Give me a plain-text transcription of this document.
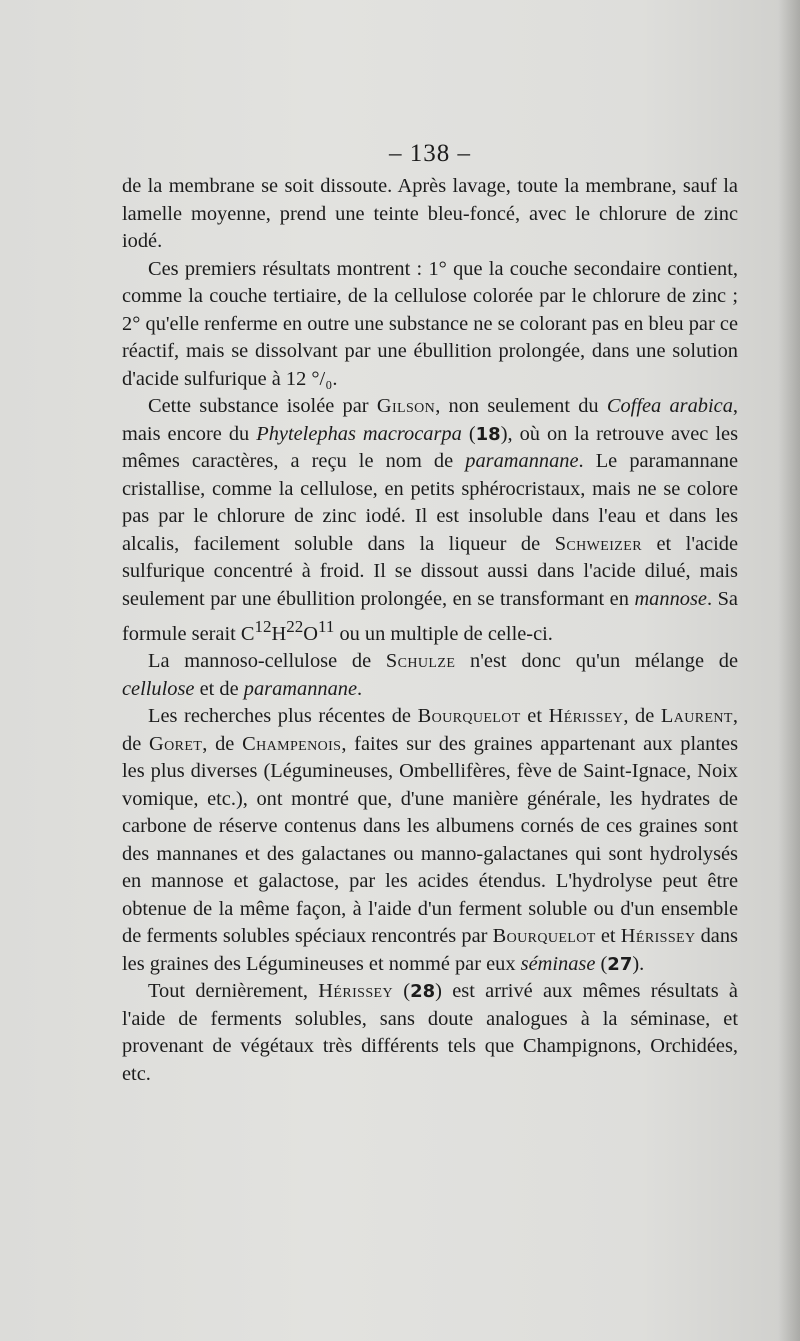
– 138 –

de la membrane se soit dissoute. Après lavage, toute la membrane, sauf la lamelle moyenne, prend une teinte bleu-foncé, avec le chlorure de zinc iodé.

Ces premiers résultats montrent : 1° que la couche secondaire contient, comme la couche tertiaire, de la cellulose colorée par le chlorure de zinc ; 2° qu'elle renferme en outre une substance ne se colorant pas en bleu par ce réactif, mais se dissolvant par une ébullition prolongée, dans une solution d'acide sulfurique à 12 °/₀.

Cette substance isolée par Gilson, non seulement du Coffea arabica, mais encore du Phytelephas macrocarpa (18), où on la retrouve avec les mêmes caractères, a reçu le nom de paramannane. Le paramannane cristallise, comme la cellulose, en petits sphérocristaux, mais ne se colore pas par le chlorure de zinc iodé. Il est insoluble dans l'eau et dans les alcalis, facilement soluble dans la liqueur de Schweizer et l'acide sulfurique concentré à froid. Il se dissout aussi dans l'acide dilué, mais seulement par une ébullition prolongée, en se transformant en mannose. Sa formule serait $C^{12}H^{22}O^{11}$ ou un multiple de celle-ci.

La mannoso-cellulose de Schulze n'est donc qu'un mélange de cellulose et de paramannane.

Les recherches plus récentes de Bourquelot et Hérissey, de Laurent, de Goret, de Champenois, faites sur des graines appartenant aux plantes les plus diverses (Légumineuses, Ombellifères, fève de Saint-Ignace, Noix vomique, etc.), ont montré que, d'une manière générale, les hydrates de carbone de réserve contenus dans les albumens cornés de ces graines sont des mannanes et des galactanes ou manno-galactanes qui sont hydrolysés en mannose et galactose, par les acides étendus. L'hydrolyse peut être obtenue de la même façon, à l'aide d'un ferment soluble ou d'un ensemble de ferments solubles spéciaux rencontrés par Bourquelot et Hérissey dans les graines des Légumineuses et nommé par eux séminase (27).

Tout dernièrement, Hérissey (28) est arrivé aux mêmes résultats à l'aide de ferments solubles, sans doute analogues à la séminase, et provenant de végétaux très différents tels que Champignons, Orchidées, etc.
